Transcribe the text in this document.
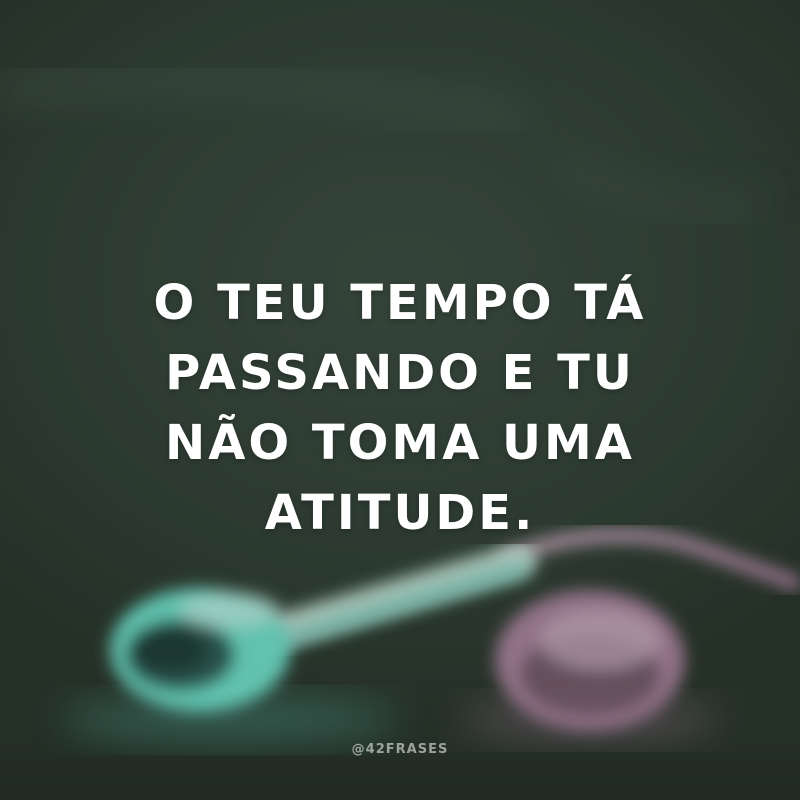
O TEU TEMPO TÁ
PASSANDO E TU
NÃO TOMA UMA
ATITUDE.

@42FRASES
